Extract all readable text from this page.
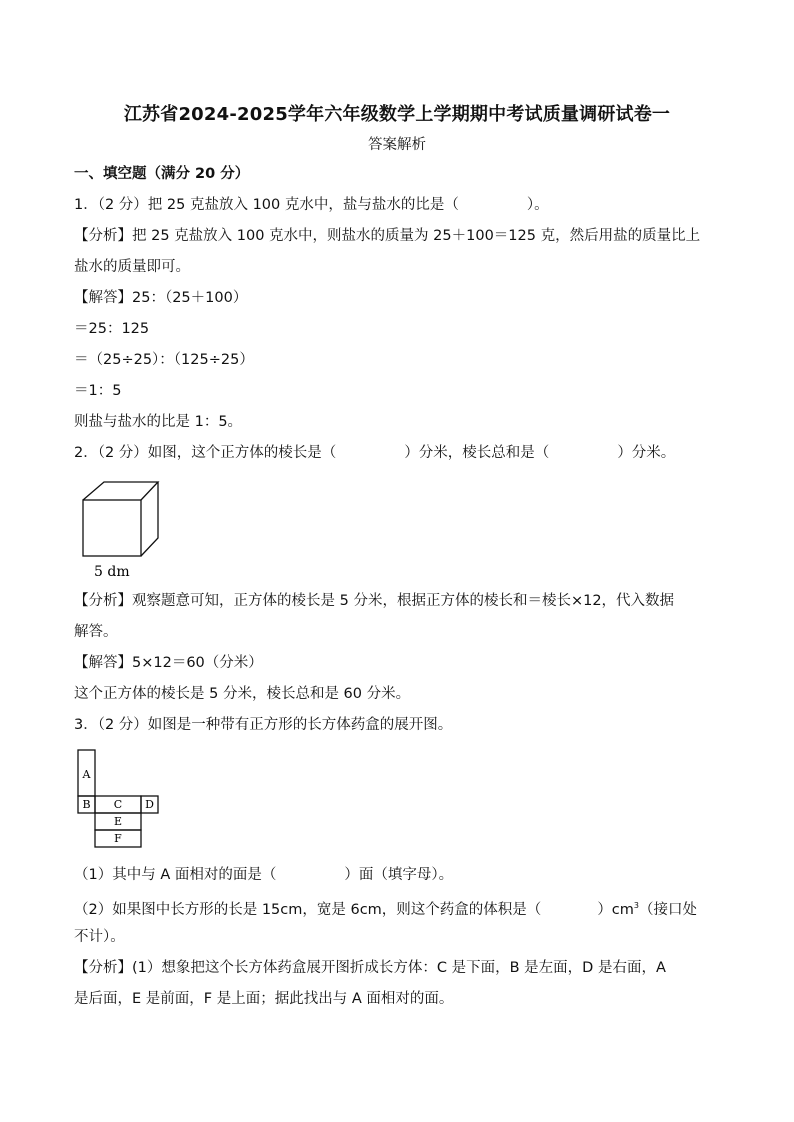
江苏省2024-2025学年六年级数学上学期期中考试质量调研试卷一
答案解析
一、填空题（满分 20 分）
1．（2 分）把 25 克盐放入 100 克水中，盐与盐水的比是（	）。
【分析】把 25 克盐放入 100 克水中，则盐水的质量为 25＋100＝125 克，然后用盐的质量比上
盐水的质量即可。
【解答】25：（25＋100）
＝25：125
＝（25÷25）：（125÷25）
＝1：5
则盐与盐水的比是 1：5。
2．（2 分）如图，这个正方体的棱长是（	）分米，棱长总和是（	）分米。
5 dm
【分析】观察题意可知，正方体的棱长是 5 分米，根据正方体的棱长和＝棱长×12，代入数据
解答。
【解答】5×12＝60（分米）
这个正方体的棱长是 5 分米，棱长总和是 60 分米。
3．（2 分）如图是一种带有正方形的长方体药盒的展开图。
A
B C D
E
F
（1）其中与 A 面相对的面是（	）面（填字母）。
（2）如果图中长方形的长是 15cm，宽是 6cm，则这个药盒的体积是（	）$cm^3$（接口处
不计）。
【分析】(1）想象把这个长方体药盒展开图折成长方体：C 是下面，B 是左面，D 是右面，A
是后面，E 是前面，F 是上面；据此找出与 A 面相对的面。
